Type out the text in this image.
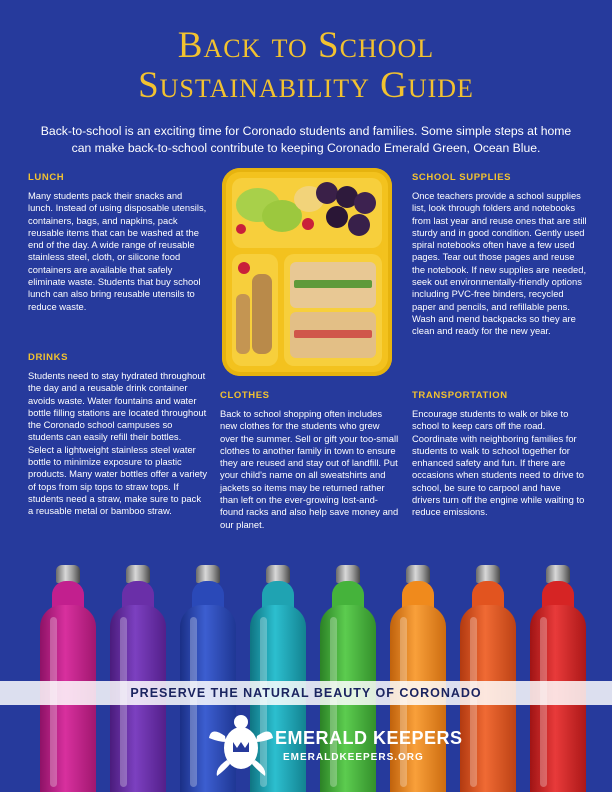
Back to School
Sustainability Guide
Back-to-school is an exciting time for Coronado students and families. Some simple steps at home can make back-to-school contribute to keeping Coronado Emerald Green, Ocean Blue.
LUNCH

Many students pack their snacks and lunch. Instead of using disposable utensils, containers, bags, and napkins, pack reusable items that can be washed at the end of the day. A wide range of reusable stainless steel, cloth, or silicone food containers are available that safely eliminate waste. Students that buy school lunch can also bring reusable utensils to reduce waste.

DRINKS

Students need to stay hydrated throughout the day and a reusable drink container avoids waste. Water fountains and water bottle filling stations are located throughout the Coronado school campuses so students can easily refill their bottles. Select a lightweight stainless steel water bottle to minimize exposure to plastic products. Many water bottles offer a variety of tops from sip tops to straw tops. If students need a straw, make sure to pack a reusable metal or bamboo straw.

CLOTHES

Back to school shopping often includes new clothes for the students who grew over the summer. Sell or gift your too-small clothes to another family in town to ensure they are reused and stay out of landfill. Put your child's name on all sweatshirts and jackets so items may be returned rather than left on the ever-growing lost-and-found racks and also help save money and our planet.

SCHOOL SUPPLIES

Once teachers provide a school supplies list, look through folders and notebooks from last year and reuse ones that are still sturdy and in good condition. Gently used spiral notebooks often have a few used pages. Tear out those pages and reuse the notebook. If new supplies are needed, seek out environmentally-friendly options including PVC-free binders, recycled paper and pencils, and refillable pens. Wash and mend backpacks so they are clean and ready for the new year.

TRANSPORTATION

Encourage students to walk or bike to school to keep cars off the road. Coordinate with neighboring families for students to walk to school together for enhanced safety and fun. If there are occasions when students need to drive to school, be sure to carpool and have drivers turn off the engine while waiting to reduce emissions.

PRESERVE THE NATURAL BEAUTY OF CORONADO
EMERALD KEEPERS
EMERALDKEEPERS.ORG
